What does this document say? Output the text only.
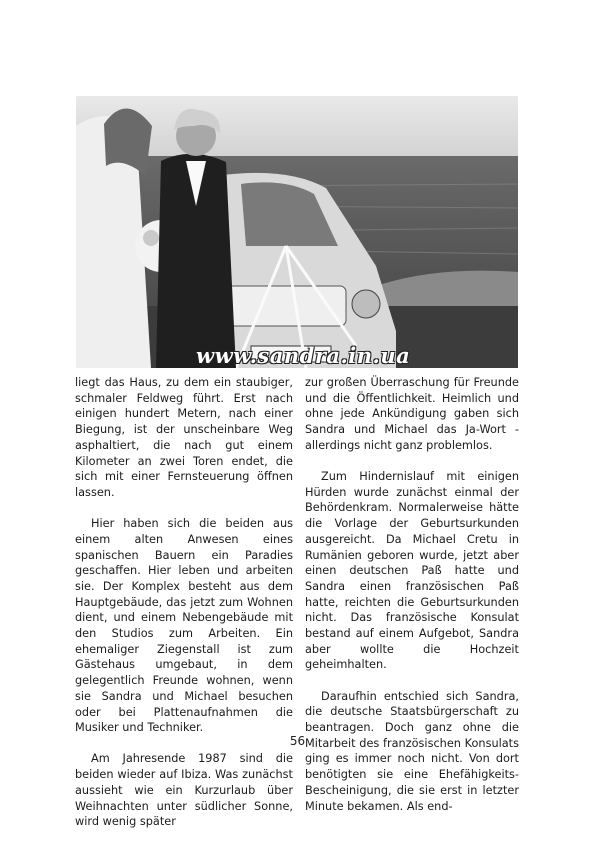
www.sandra.in.ua

liegt das Haus, zu dem ein staubiger, schmaler Feldweg führt. Erst nach einigen hundert Metern, nach einer Biegung, ist der unscheinbare Weg asphaltiert, die nach gut einem Kilometer an zwei Toren endet, die sich mit einer Fernsteuerung öffnen lassen.

Hier haben sich die beiden aus einem alten Anwesen eines spanischen Bauern ein Paradies geschaffen. Hier leben und arbeiten sie. Der Komplex besteht aus dem Hauptgebäude, das jetzt zum Wohnen dient, und einem Nebengebäude mit den Studios zum Arbeiten. Ein ehemaliger Ziegenstall ist zum Gästehaus umgebaut, in dem gelegentlich Freunde wohnen, wenn sie Sandra und Michael besuchen oder bei Plattenaufnahmen die Musiker und Techniker.

Am Jahresende 1987 sind die beiden wieder auf Ibiza. Was zunächst aussieht wie ein Kurzurlaub über Weihnachten unter südlicher Sonne, wird wenig später

zur großen Überraschung für Freunde und die Öffentlichkeit. Heimlich und ohne jede Ankündigung gaben sich Sandra und Michael das Ja-Wort - allerdings nicht ganz problemlos.

Zum Hindernislauf mit einigen Hürden wurde zunächst einmal der Behördenkram. Normalerweise hätte die Vorlage der Geburtsurkunden ausgereicht. Da Michael Cretu in Rumänien geboren wurde, jetzt aber einen deutschen Paß hatte und Sandra einen französischen Paß hatte, reichten die Geburtsurkunden nicht. Das französische Konsulat bestand auf einem Aufgebot, Sandra aber wollte die Hochzeit geheimhalten.

Daraufhin entschied sich Sandra, die deutsche Staatsbürgerschaft zu beantragen. Doch ganz ohne die Mitarbeit des französischen Konsulats ging es immer noch nicht. Von dort benötigten sie eine Ehefähigkeits-Bescheinigung, die sie erst in letzter Minute bekamen. Als end-

56
